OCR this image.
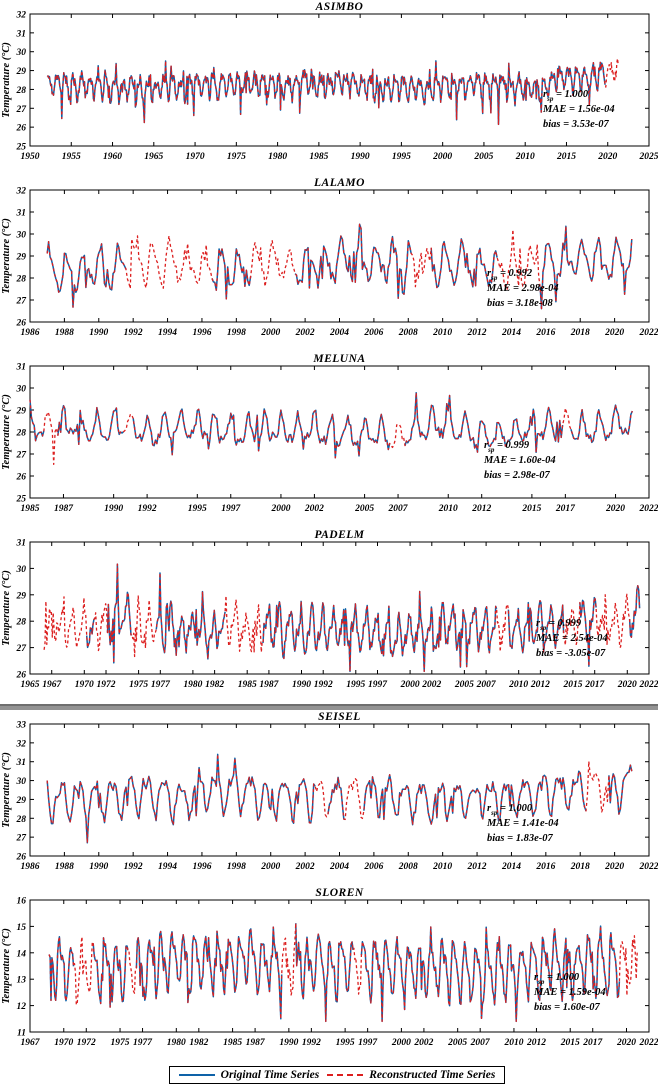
ASIMBO
Temperature (°C)
1950 1955 1960 1965 1970 1975 1980 1985 1990 1995 2000 2005 2010 2015 2020 2025
25
26
27
28
29
30
31
32
$r_{sp} = 1.000$
MAE = 1.56e-04
bias = 3.53e-07
LALAMO
Temperature (°C)
1986 1988 1990 1992 1994 1996 1998 2000 2002 2004 2006 2008 2010 2012 2014 2016 2018 2020 2022
26
27
28
29
30
31
32
$r_{sp} = 0.992$
MAE = 2.98e-04
bias = 3.18e-08
MELUNA
Temperature (°C)
1985 1987	1990 1992	1995 1997	2000 2002	2005 2007	2010 2012	2015 2017	2020 2022
25
26
27
28
29
30
31
$r_{sp} = 0.999$
MAE = 1.60e-04
bias = 2.98e-07
PADELM
Temperature (°C)
1965 1967 1970 1972 1975 1977 1980 1982 1985 1987 1990 1992 1995 1997 2000 2002 2005 2007 2010 2012 2015 2017 2020 2022
26
27
28
29
30
31
$r_{sp} = 0.999$
MAE = 2.54e-04
bias = -3.05e-07
SEISEL
Temperature (°C)
1986 1988 1990 1992 1994 1996 1998 2000 2002 2004 2006 2008 2010 2012 2014 2016 2018 2020 2022
26
27
28
29
30
31
32
33
$r_{sp} = 1.000$
MAE = 1.41e-04
bias = 1.83e-07
SLOREN
Temperature (°C)
1967 1970 1972 1975 1977 1980 1982 1985 1987 1990 1992 1995 1997 2000 2002 2005 2007 2010 2012 2015 2017 2020 2022
11
12
13
14
15
16
$r_{sp} = 1.000$
MAE = 1.59e-04
bias = 1.60e-07
Original Time Series	Reconstructed Time Series
